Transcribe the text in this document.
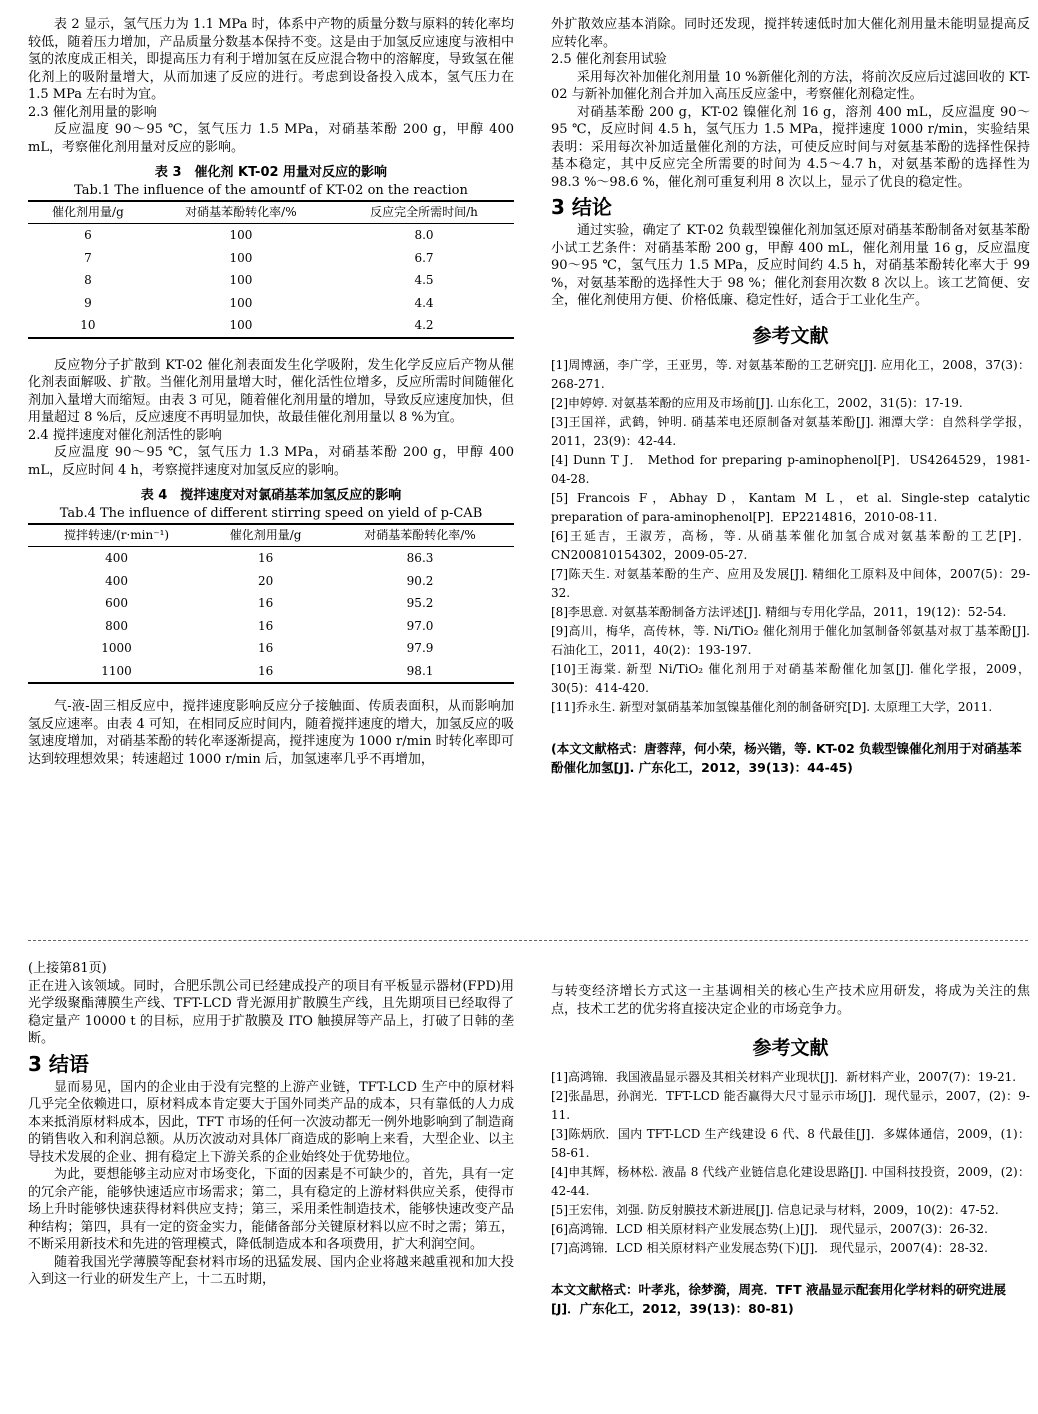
表 2 显示，氢气压力为 1.1 MPa 时，体系中产物的质量分数与原料的转化率均较低，随着压力增加，产品质量分数基本保持不变。这是由于加氢反应速度与液相中氢的浓度成正相关，即提高压力有利于增加氢在反应混合物中的溶解度，导致氢在催化剂上的吸附量增大，从而加速了反应的进行。考虑到设备投入成本，氢气压力在 1.5 MPa 左右时为宜。

2.3 催化剂用量的影响

反应温度 90～95 ℃，氢气压力 1.5 MPa，对硝基苯酚 200 g，甲醇 400 mL，考察催化剂用量对反应的影响。

表 3　催化剂 KT-02 用量对反应的影响
Tab.1 The influence of the amountf of KT-02 on the reaction
催化剂用量/g	对硝基苯酚转化率/%	反应完全所需时间/h
6	100	8.0
7	100	6.7
8	100	4.5
9	100	4.4
10	100	4.2

反应物分子扩散到 KT-02 催化剂表面发生化学吸附，发生化学反应后产物从催化剂表面解吸、扩散。当催化剂用量增大时，催化活性位增多，反应所需时间随催化剂加入量增大而缩短。由表 3 可见，随着催化剂用量的增加，导致反应速度加快，但用量超过 8 %后，反应速度不再明显加快，故最佳催化剂用量以 8 %为宜。

2.4 搅拌速度对催化剂活性的影响

反应温度 90～95 ℃，氢气压力 1.3 MPa，对硝基苯酚 200 g，甲醇 400 mL，反应时间 4 h，考察搅拌速度对加氢反应的影响。

表 4　搅拌速度对对氯硝基苯加氢反应的影响
Tab.4 The influence of different stirring speed on yield of p-CAB
搅拌转速/(r·min⁻¹)	催化剂用量/g	对硝基苯酚转化率/%
400	16	86.3
400	20	90.2
600	16	95.2
800	16	97.0
1000	16	97.9
1100	16	98.1

气-液-固三相反应中，搅拌速度影响反应分子接触面、传质表面积，从而影响加氢反应速率。由表 4 可知，在相同反应时间内，随着搅拌速度的增大，加氢反应的吸氢速度增加，对硝基苯酚的转化率逐渐提高，搅拌速度为 1000 r/min 时转化率即可达到较理想效果；转速超过 1000 r/min 后，加氢速率几乎不再增加，

外扩散效应基本消除。同时还发现，搅拌转速低时加大催化剂用量未能明显提高反应转化率。

2.5 催化剂套用试验

采用每次补加催化剂用量 10 %新催化剂的方法，将前次反应后过滤回收的 KT-02 与新补加催化剂合并加入高压反应釜中，考察催化剂稳定性。

对硝基苯酚 200 g，KT-02 镍催化剂 16 g，溶剂 400 mL，反应温度 90～95 ℃，反应时间 4.5 h，氢气压力 1.5 MPa，搅拌速度 1000 r/min，实验结果表明：采用每次补加适量催化剂的方法，可使反应时间与对氨基苯酚的选择性保持基本稳定，其中反应完全所需要的时间为 4.5～4.7 h，对氨基苯酚的选择性为 98.3 %～98.6 %，催化剂可重复利用 8 次以上，显示了优良的稳定性。

3 结论

通过实验，确定了 KT-02 负载型镍催化剂加氢还原对硝基苯酚制备对氨基苯酚小试工艺条件：对硝基苯酚 200 g，甲醇 400 mL，催化剂用量 16 g，反应温度 90～95 ℃，氢气压力 1.5 MPa，反应时间约 4.5 h，对硝基苯酚转化率大于 99 %，对氨基苯酚的选择性大于 98 %；催化剂套用次数 8 次以上。该工艺简便、安全，催化剂使用方便、价格低廉、稳定性好，适合于工业化生产。

参考文献

[1]周博涵，李广学，王亚男，等. 对氨基苯酚的工艺研究[J]. 应用化工，2008，37(3)：268-271.

[2]申婷婷. 对氨基苯酚的应用及市场前[J]. 山东化工，2002，31(5)：17-19.

[3]王国祥，武鹤，钟明. 硝基苯电还原制备对氨基苯酚[J]. 湘潭大学：自然科学学报，2011，23(9)：42-44.

[4] Dunn T J． Method for preparing p-aminophenol[P]．US4264529，1981-04-28.

[5] Francois F，Abhay D，Kantam M L，et al. Single-step catalytic preparation of para-aminophenol[P]．EP2214816，2010-08-11.

[6]王延吉，王淑芳，高杨，等. 从硝基苯催化加氢合成对氨基苯酚的工艺[P]．CN200810154302，2009-05-27.

[7]陈天生. 对氨基苯酚的生产、应用及发展[J]. 精细化工原料及中间体，2007(5)：29-32.

[8]李思意. 对氨基苯酚制备方法评述[J]. 精细与专用化学品，2011，19(12)：52-54.

[9]高川，梅华，高传林，等. Ni/TiO₂ 催化剂用于催化加氢制备邻氨基对叔丁基苯酚[J]. 石油化工，2011，40(2)：193-197.

[10]王海棠. 新型 Ni/TiO₂ 催化剂用于对硝基苯酚催化加氢[J]. 催化学报，2009，30(5)：414-420.

[11]乔永生. 新型对氯硝基苯加氢镍基催化剂的制备研究[D]. 太原理工大学，2011.

(本文文献格式：唐蓉萍，何小荣，杨兴锴，等. KT-02 负载型镍催化剂用于对硝基苯酚催化加氢[J]. 广东化工，2012，39(13)：44-45)

(上接第81页)

正在进入该领域。同时，合肥乐凯公司已经建成投产的项目有平板显示器材(FPD)用光学级聚酯薄膜生产线、TFT-LCD 背光源用扩散膜生产线，且先期项目已经取得了稳定量产 10000 t 的目标，应用于扩散膜及 ITO 触摸屏等产品上，打破了日韩的垄断。

3 结语

显而易见，国内的企业由于没有完整的上游产业链，TFT-LCD 生产中的原材料几乎完全依赖进口，原材料成本肯定要大于国外同类产品的成本，只有靠低的人力成本来抵消原材料成本，因此，TFT 市场的任何一次波动都无一例外地影响到了制造商的销售收入和利润总额。从历次波动对具体厂商造成的影响上来看，大型企业、以主导技术发展的企业、拥有稳定上下游关系的企业始终处于优势地位。

为此，要想能够主动应对市场变化，下面的因素是不可缺少的，首先，具有一定的冗余产能，能够快速适应市场需求；第二，具有稳定的上游材料供应关系，使得市场上升时能够快速获得材料供应支持；第三，采用柔性制造技术，能够快速改变产品种结构；第四，具有一定的资金实力，能储备部分关键原材料以应不时之需；第五，不断采用新技术和先进的管理模式，降低制造成本和各项费用，扩大利润空间。

随着我国光学薄膜等配套材料市场的迅猛发展、国内企业将越来越重视和加大投入到这一行业的研发生产上，十二五时期，

与转变经济增长方式这一主基调相关的核心生产技术应用研发，将成为关注的焦点，技术工艺的优劣将直接决定企业的市场竞争力。

参考文献

[1]高鸿锦．我国液晶显示器及其相关材料产业现状[J]．新材料产业，2007(7)：19-21.

[2]张晶思，孙润光．TFT-LCD 能否赢得大尺寸显示市场[J]．现代显示，2007，(2)：9-11.

[3]陈炳欣．国内 TFT-LCD 生产线建设 6 代、8 代最佳[J]．多媒体通信，2009，(1)：58-61.

[4]申其辉，杨林松. 液晶 8 代线产业链信息化建设思路[J]. 中国科技投资，2009，(2)：42-44.

[5]王宏伟，刘强. 防反射膜技术新进展[J]. 信息记录与材料，2009，10(2)：47-52.

[6]高鸿锦．LCD 相关原材料产业发展态势(上)[J]． 现代显示，2007(3)：26-32.

[7]高鸿锦．LCD 相关原材料产业发展态势(下)[J]． 现代显示，2007(4)：28-32.

本文文献格式：叶孝兆，徐梦漪，周亮．TFT 液晶显示配套用化学材料的研究进展[J]．广东化工，2012，39(13)：80-81)
